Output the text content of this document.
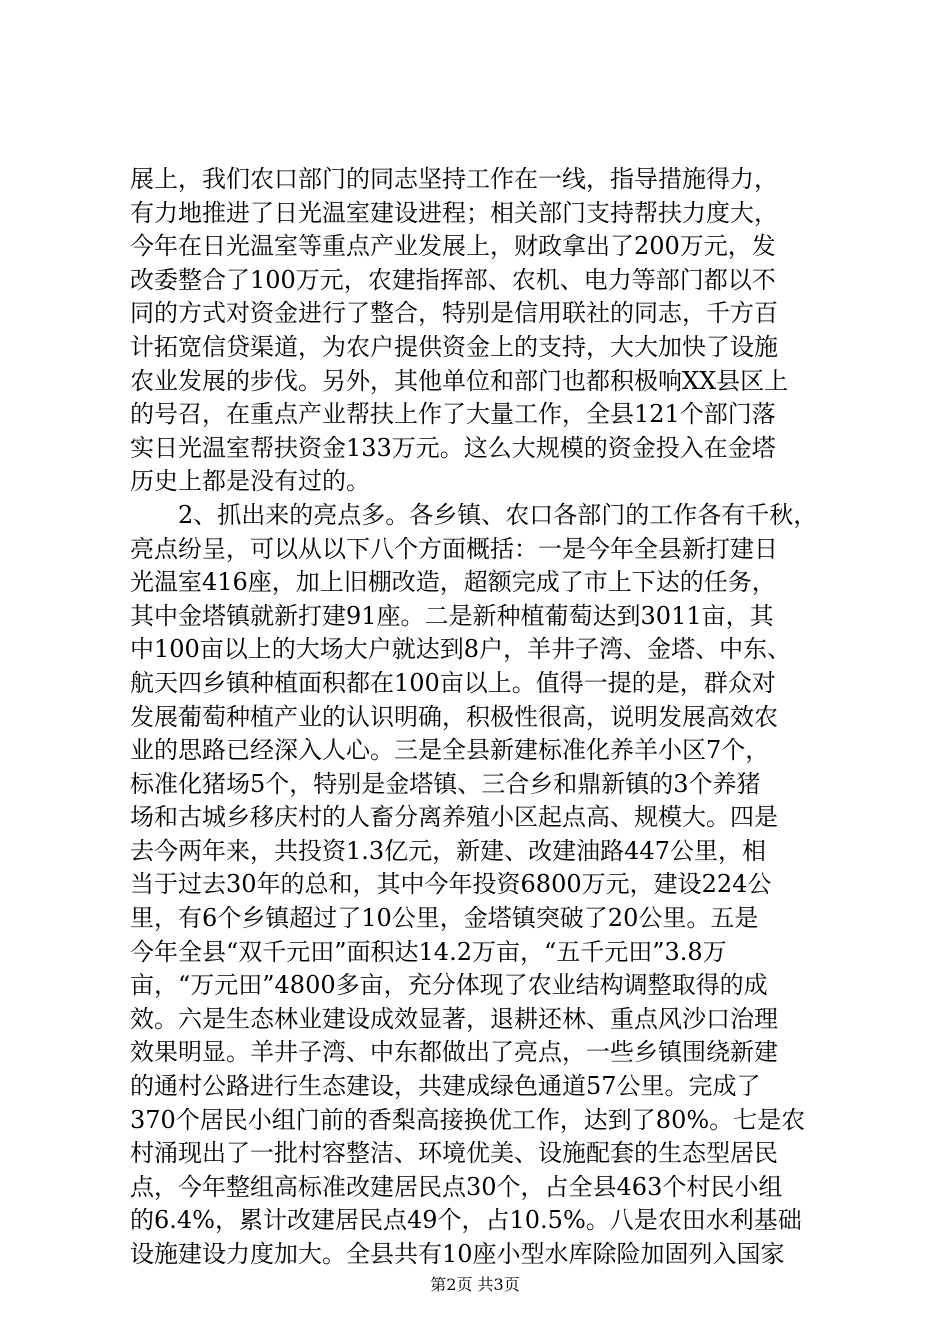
展上，我们农口部门的同志坚持工作在一线，指导措施得力，
有力地推进了日光温室建设进程；相关部门支持帮扶力度大，
今年在日光温室等重点产业发展上，财政拿出了200万元，发
改委整合了100万元，农建指挥部、农机、电力等部门都以不
同的方式对资金进行了整合，特别是信用联社的同志，千方百
计拓宽信贷渠道，为农户提供资金上的支持，大大加快了设施
农业发展的步伐。另外，其他单位和部门也都积极响XX县区上
的号召，在重点产业帮扶上作了大量工作，全县121个部门落
实日光温室帮扶资金133万元。这么大规模的资金投入在金塔
历史上都是没有过的。
　　2、抓出来的亮点多。各乡镇、农口各部门的工作各有千秋，
亮点纷呈，可以从以下八个方面概括：一是今年全县新打建日
光温室416座，加上旧棚改造，超额完成了市上下达的任务，
其中金塔镇就新打建91座。二是新种植葡萄达到3011亩，其
中100亩以上的大场大户就达到8户，羊井子湾、金塔、中东、
航天四乡镇种植面积都在100亩以上。值得一提的是，群众对
发展葡萄种植产业的认识明确，积极性很高，说明发展高效农
业的思路已经深入人心。三是全县新建标准化养羊小区7个，
标准化猪场5个，特别是金塔镇、三合乡和鼎新镇的3个养猪
场和古城乡移庆村的人畜分离养殖小区起点高、规模大。四是
去今两年来，共投资1.3亿元，新建、改建油路447公里，相
当于过去30年的总和，其中今年投资6800万元，建设224公
里，有6个乡镇超过了10公里，金塔镇突破了20公里。五是
今年全县“双千元田”面积达14.2万亩，“五千元田”3.8万
亩，“万元田”4800多亩，充分体现了农业结构调整取得的成
效。六是生态林业建设成效显著，退耕还林、重点风沙口治理
效果明显。羊井子湾、中东都做出了亮点，一些乡镇围绕新建
的通村公路进行生态建设，共建成绿色通道57公里。完成了
370个居民小组门前的香梨高接换优工作，达到了80%。七是农
村涌现出了一批村容整洁、环境优美、设施配套的生态型居民
点，今年整组高标准改建居民点30个，占全县463个村民小组
的6.4%，累计改建居民点49个，占10.5%。八是农田水利基础
设施建设力度加大。全县共有10座小型水库除险加固列入国家
第2页 共3页
